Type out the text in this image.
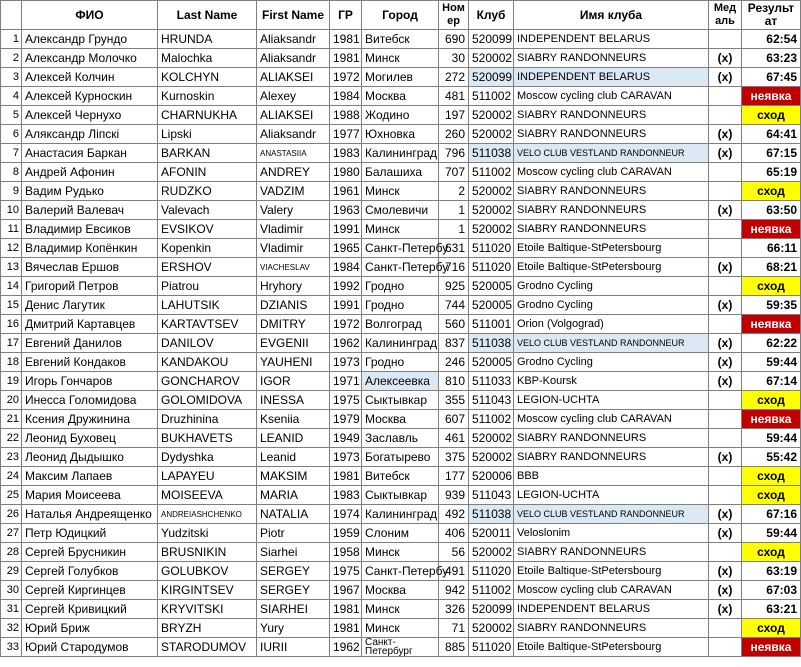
	ФИО	Last Name	First Name	ГР	Город	Номер	Клуб	Имя клуба	Медаль	Результат
1	Александр Грундо	HRUNDA	Aliaksandr	1981	Витебск	690	520099	INDEPENDENT BELARUS		62:54
2	Александр Молочко	Malochka	Aliaksandr	1981	Минск	30	520002	SIABRY RANDONNEURS	(x)	63:23
3	Алексей Колчин	KOLCHYN	ALIAKSEI	1972	Могилев	272	520099	INDEPENDENT BELARUS	(x)	67:45
4	Алексей Курноскин	Kurnoskin	Alexey	1984	Москва	481	511002	Moscow cycling club CARAVAN		неявка
5	Алексей Чернухо	CHARNUKHA	ALIAKSEI	1988	Жодино	197	520002	SIABRY RANDONNEURS		сход
6	Аляксандр Лiпскi	Lipski	Aliaksandr	1977	Юхновка	260	520002	SIABRY RANDONNEURS	(x)	64:41
7	Анастасия Баркан	BARKAN	ANASTASIIA	1983	Калининград	796	511038	VELO CLUB VESTLAND RANDONNEUR	(x)	67:15
8	Андрей Афонин	AFONIN	ANDREY	1980	Балашиха	707	511002	Moscow cycling club CARAVAN		65:19
9	Вадим Рудько	RUDZKO	VADZIM	1961	Минск	2	520002	SIABRY RANDONNEURS		сход
10	Валерий Валевач	Valevach	Valery	1963	Смолевичи	1	520002	SIABRY RANDONNEURS	(x)	63:50
11	Владимир Евсиков	EVSIKOV	Vladimir	1991	Минск	1	520002	SIABRY RANDONNEURS		неявка
12	Владимир Копёнкин	Kopenkin	Vladimir	1965	Санкт-Петербу	631	511020	Etoile Baltique-StPetersbourg		66:11
13	Вячеслав Ершов	ERSHOV	VIACHESLAV	1984	Санкт-Петербу	716	511020	Etoile Baltique-StPetersbourg	(x)	68:21
14	Григорий Петров	Piatrou	Hryhory	1992	Гродно	925	520005	Grodno Cycling		сход
15	Денис Лагутик	LAHUTSIK	DZIANIS	1991	Гродно	744	520005	Grodno Cycling	(x)	59:35
16	Дмитрий Картавцев	KARTAVTSEV	DMITRY	1972	Волгоград	560	511001	Orion (Volgograd)		неявка
17	Евгений Данилов	DANILOV	EVGENII	1962	Калининград	837	511038	VELO CLUB VESTLAND RANDONNEUR	(x)	62:22
18	Евгений Кондаков	KANDAKOU	YAUHENI	1973	Гродно	246	520005	Grodno Cycling	(x)	59:44
19	Игорь Гончаров	GONCHAROV	IGOR	1971	Алексеевка	810	511033	KBP-Koursk	(x)	67:14
20	Инесса Голомидова	GOLOMIDOVA	INESSA	1975	Сыктывкар	355	511043	LEGION-UCHTA		сход
21	Ксения Дружинина	Druzhinina	Kseniia	1979	Москва	607	511002	Moscow cycling club CARAVAN		неявка
22	Леонид Буховец	BUKHAVETS	LEANID	1949	Заславль	461	520002	SIABRY RANDONNEURS		59:44
23	Леонид Дыдышко	Dydyshka	Leanid	1973	Богатырево	375	520002	SIABRY RANDONNEURS	(x)	55:42
24	Максим Лапаев	LAPAYEU	MAKSIM	1981	Витебск	177	520006	BBB		сход
25	Мария Моисеева	MOISEEVA	MARIA	1983	Сыктывкар	939	511043	LEGION-UCHTA		сход
26	Наталья Андреященко	ANDREIASHCHENKO	NATALIA	1974	Калининград	492	511038	VELO CLUB VESTLAND RANDONNEUR	(x)	67:16
27	Петр Юдицкий	Yudzitski	Piotr	1959	Слоним	406	520011	Veloslonim	(x)	59:44
28	Сергей Брусникин	BRUSNIKIN	Siarhei	1958	Минск	56	520002	SIABRY RANDONNEURS		сход
29	Сергей Голубков	GOLUBKOV	SERGEY	1975	Санкт-Петербу	491	511020	Etoile Baltique-StPetersbourg	(x)	63:19
30	Сергей Киргинцев	KIRGINTSEV	SERGEY	1967	Москва	942	511002	Moscow cycling club CARAVAN	(x)	67:03
31	Сергей Кривицкий	KRYVITSKI	SIARHEI	1981	Минск	326	520099	INDEPENDENT BELARUS	(x)	63:21
32	Юрий Бриж	BRYZH	Yury	1981	Минск	71	520002	SIABRY RANDONNEURS		сход
33	Юрий Стародумов	STARODUMOV	IURII	1962	Санкт-Петербург	885	511020	Etoile Baltique-StPetersbourg		неявка
